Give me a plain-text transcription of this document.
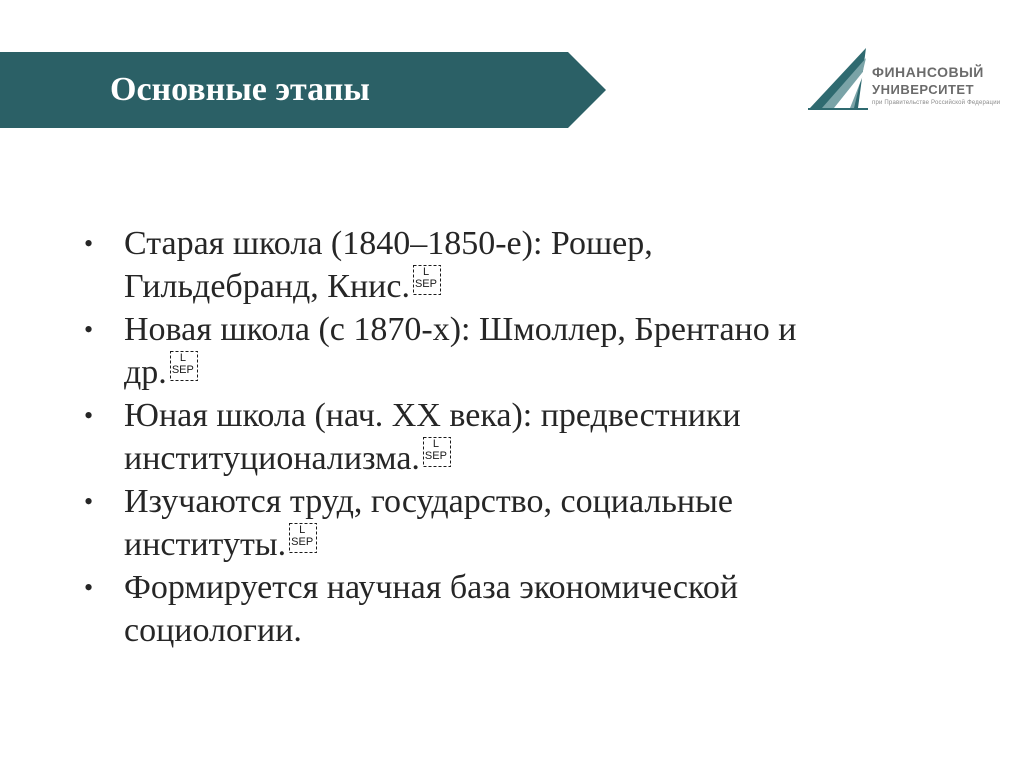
Основные этапы	ФИНАНСОВЫЙ
УНИВЕРСИТЕТ
при Правительстве Российской Федерации
• Старая школа (1840–1850-е): Рошер,
Гильдебранд, Книс. L
SEP
• Новая школа (с 1870-х): Шмоллер, Брентано и
др. L
SEP
• Юная школа (нач. XX века): предвестники
институционализма. L
SEP
• Изучаются труд, государство, социальные
институты. L
SEP
• Формируется научная база экономической
социологии.
